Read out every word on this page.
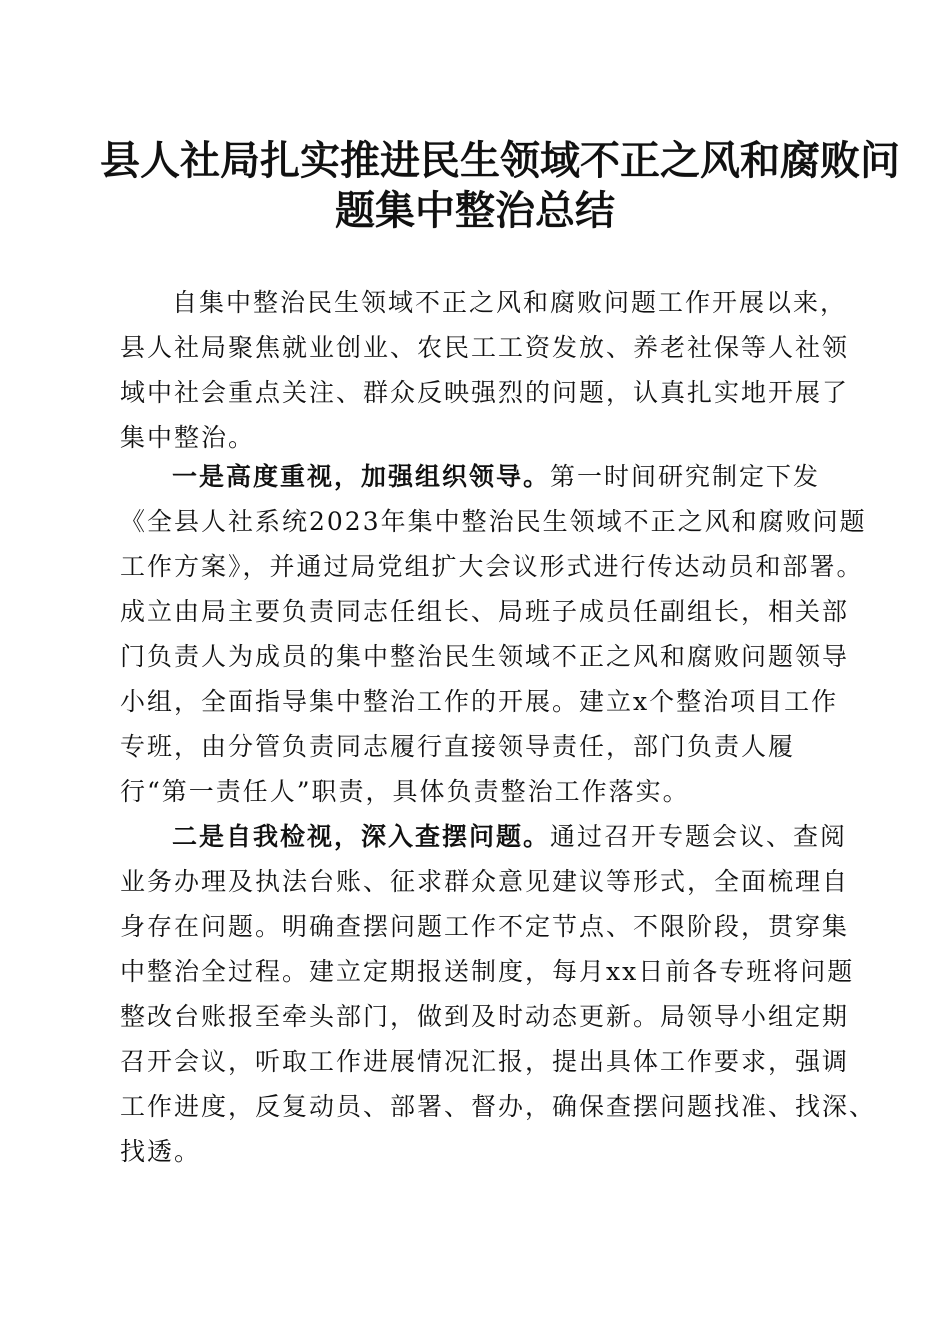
县人社局扎实推进民生领域不正之风和腐败问
题集中整治总结

自集中整治民生领域不正之风和腐败问题工作开展以来，
县人社局聚焦就业创业、农民工工资发放、养老社保等人社领
域中社会重点关注、群众反映强烈的问题，认真扎实地开展了
集中整治。

一是高度重视，加强组织领导。第一时间研究制定下发
《全县人社系统2023年集中整治民生领域不正之风和腐败问题
工作方案》，并通过局党组扩大会议形式进行传达动员和部署。
成立由局主要负责同志任组长、局班子成员任副组长，相关部
门负责人为成员的集中整治民生领域不正之风和腐败问题领导
小组，全面指导集中整治工作的开展。建立x个整治项目工作
专班，由分管负责同志履行直接领导责任，部门负责人履
行“第一责任人”职责，具体负责整治工作落实。

二是自我检视，深入查摆问题。通过召开专题会议、查阅
业务办理及执法台账、征求群众意见建议等形式，全面梳理自
身存在问题。明确查摆问题工作不定节点、不限阶段，贯穿集
中整治全过程。建立定期报送制度，每月xx日前各专班将问题
整改台账报至牵头部门，做到及时动态更新。局领导小组定期
召开会议，听取工作进展情况汇报，提出具体工作要求，强调
工作进度，反复动员、部署、督办，确保查摆问题找准、找深、
找透。
